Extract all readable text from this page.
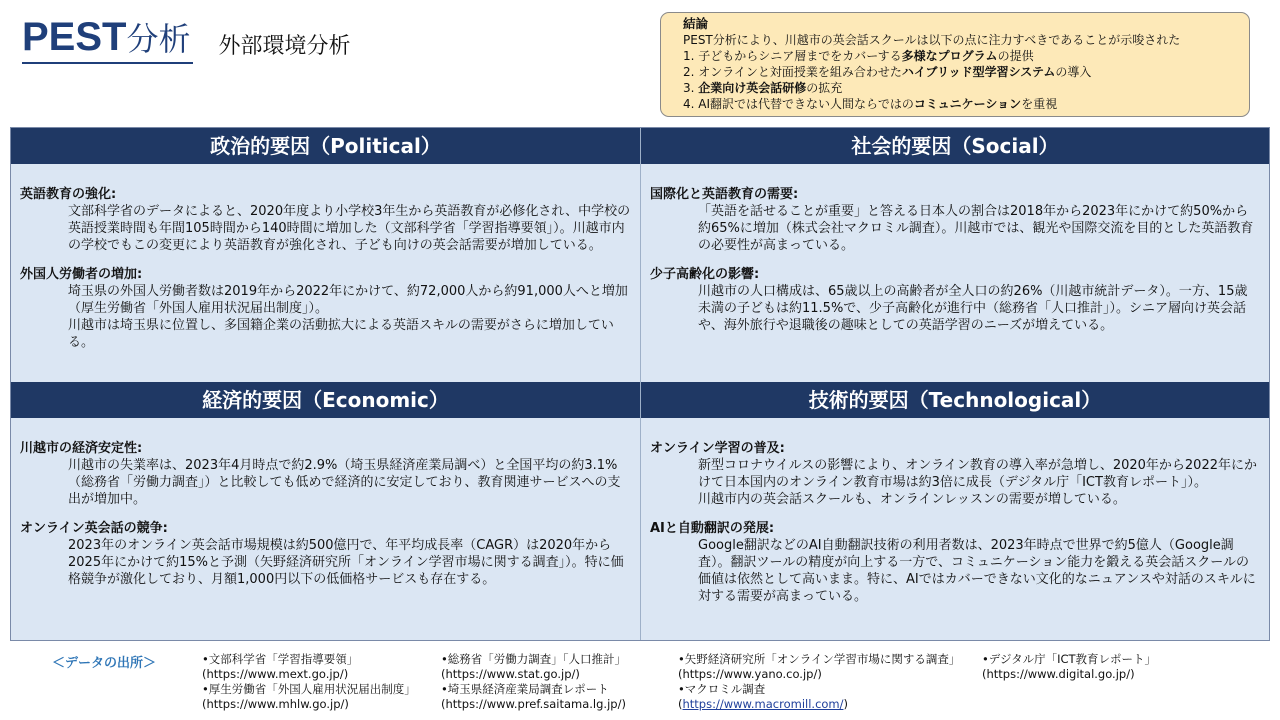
PEST分析 外部環境分析
結論
PEST分析により、川越市の英会話スクールは以下の点に注力すべきであることが示唆された
1. 子どもからシニア層までをカバーする多様なプログラムの提供
2. オンラインと対面授業を組み合わせたハイブリッド型学習システムの導入
3. 企業向け英会話研修の拡充
4. AI翻訳では代替できない人間ならではのコミュニケーションを重視
政治的要因（Political）
英語教育の強化:
文部科学省のデータによると、2020年度より小学校3年生から英語教育が必修化され、中学校の英語授業時間も年間105時間から140時間に増加した（文部科学省「学習指導要領」）。川越市内の学校でもこの変更により英語教育が強化され、子ども向けの英会話需要が増加している。
外国人労働者の増加:
埼玉県の外国人労働者数は2019年から2022年にかけて、約72,000人から約91,000人へと増加（厚生労働省「外国人雇用状況届出制度」）。
川越市は埼玉県に位置し、多国籍企業の活動拡大による英語スキルの需要がさらに増加している。
社会的要因（Social）
国際化と英語教育の需要:
「英語を話せることが重要」と答える日本人の割合は2018年から2023年にかけて約50%から約65%に増加（株式会社マクロミル調査）。川越市では、観光や国際交流を目的とした英語教育の必要性が高まっている。
少子高齢化の影響:
川越市の人口構成は、65歳以上の高齢者が全人口の約26%（川越市統計データ）。一方、15歳未満の子どもは約11.5%で、少子高齢化が進行中（総務省「人口推計」）。シニア層向け英会話や、海外旅行や退職後の趣味としての英語学習のニーズが増えている。
経済的要因（Economic）
川越市の経済安定性:
川越市の失業率は、2023年4月時点で約2.9%（埼玉県経済産業局調べ）と全国平均の約3.1%（総務省「労働力調査」）と比較しても低めで経済的に安定しており、教育関連サービスへの支出が増加中。
オンライン英会話の競争:
2023年のオンライン英会話市場規模は約500億円で、年平均成長率（CAGR）は2020年から2025年にかけて約15%と予測（矢野経済研究所「オンライン学習市場に関する調査」）。特に価格競争が激化しており、月額1,000円以下の低価格サービスも存在する。
技術的要因（Technological）
オンライン学習の普及:
新型コロナウイルスの影響により、オンライン教育の導入率が急増し、2020年から2022年にかけて日本国内のオンライン教育市場は約3倍に成長（デジタル庁「ICT教育レポート」）。
川越市内の英会話スクールも、オンラインレッスンの需要が増している。
AIと自動翻訳の発展:
Google翻訳などのAI自動翻訳技術の利用者数は、2023年時点で世界で約5億人（Google調査）。翻訳ツールの精度が向上する一方で、コミュニケーション能力を鍛える英会話スクールの価値は依然として高いまま。特に、AIではカバーできない文化的なニュアンスや対話のスキルに対する需要が高まっている。
＜データの出所＞	•文部科学省「学習指導要領」
(https://www.mext.go.jp/)
•厚生労働省「外国人雇用状況届出制度」
(https://www.mhlw.go.jp/)
•総務省「労働力調査」「人口推計」
(https://www.stat.go.jp/)
•埼玉県経済産業局調査レポート
(https://www.pref.saitama.lg.jp/)
•矢野経済研究所「オンライン学習市場に関する調査」
(https://www.yano.co.jp/)
•マクロミル調査
(https://www.macromill.com/)
•デジタル庁「ICT教育レポート」
(https://www.digital.go.jp/)
